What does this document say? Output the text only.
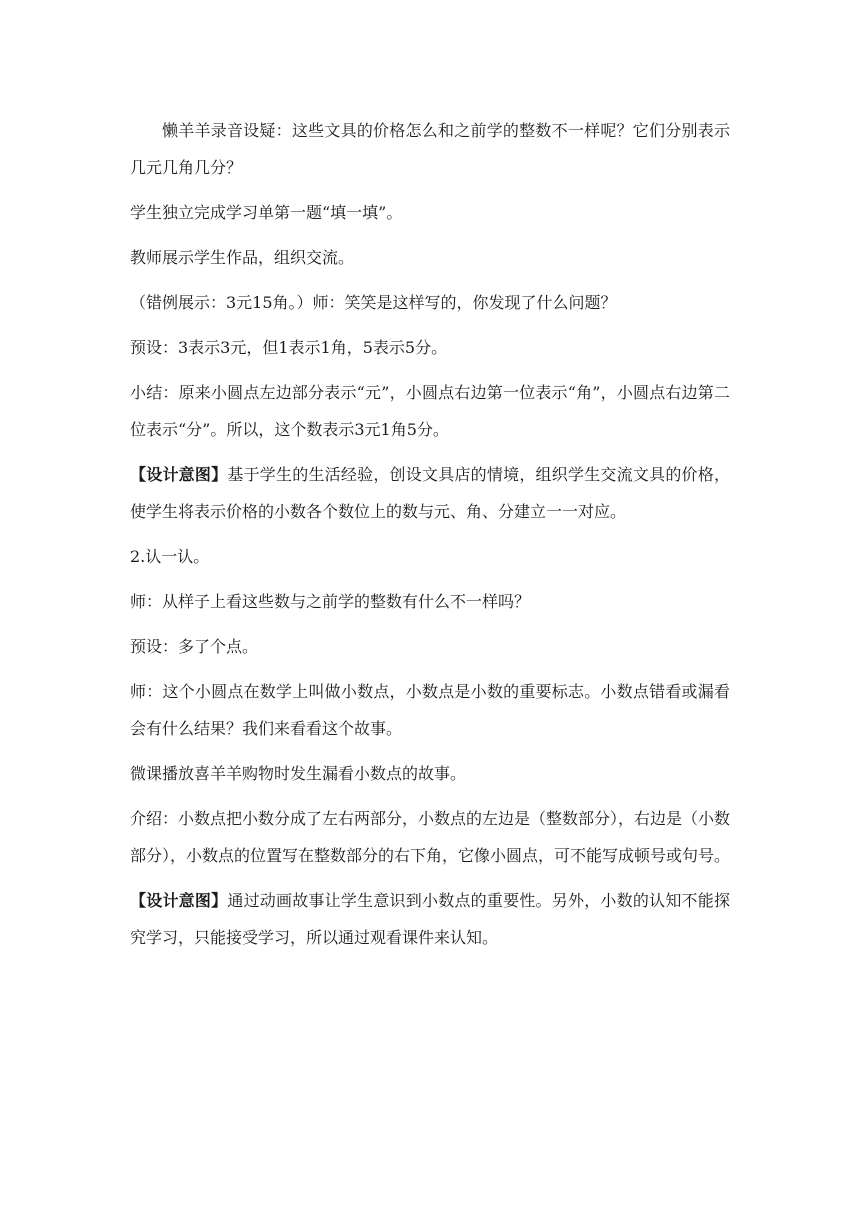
懒羊羊录音设疑：这些文具的价格怎么和之前学的整数不一样呢？它们分别表示几元几角几分？

学生独立完成学习单第一题“填一填”。

教师展示学生作品，组织交流。

（错例展示：3元15角。）师：笑笑是这样写的，你发现了什么问题？

预设：3表示3元，但1表示1角，5表示5分。

小结：原来小圆点左边部分表示“元”，小圆点右边第一位表示“角”，小圆点右边第二位表示“分”。所以，这个数表示3元1角5分。

【设计意图】基于学生的生活经验，创设文具店的情境，组织学生交流文具的价格，使学生将表示价格的小数各个数位上的数与元、角、分建立一一对应。

2.认一认。

师：从样子上看这些数与之前学的整数有什么不一样吗？

预设：多了个点。

师：这个小圆点在数学上叫做小数点，小数点是小数的重要标志。小数点错看或漏看会有什么结果？我们来看看这个故事。

微课播放喜羊羊购物时发生漏看小数点的故事。

介绍：小数点把小数分成了左右两部分，小数点的左边是（整数部分），右边是（小数部分），小数点的位置写在整数部分的右下角，它像小圆点，可不能写成顿号或句号。

【设计意图】通过动画故事让学生意识到小数点的重要性。另外，小数的认知不能探究学习，只能接受学习，所以通过观看课件来认知。
